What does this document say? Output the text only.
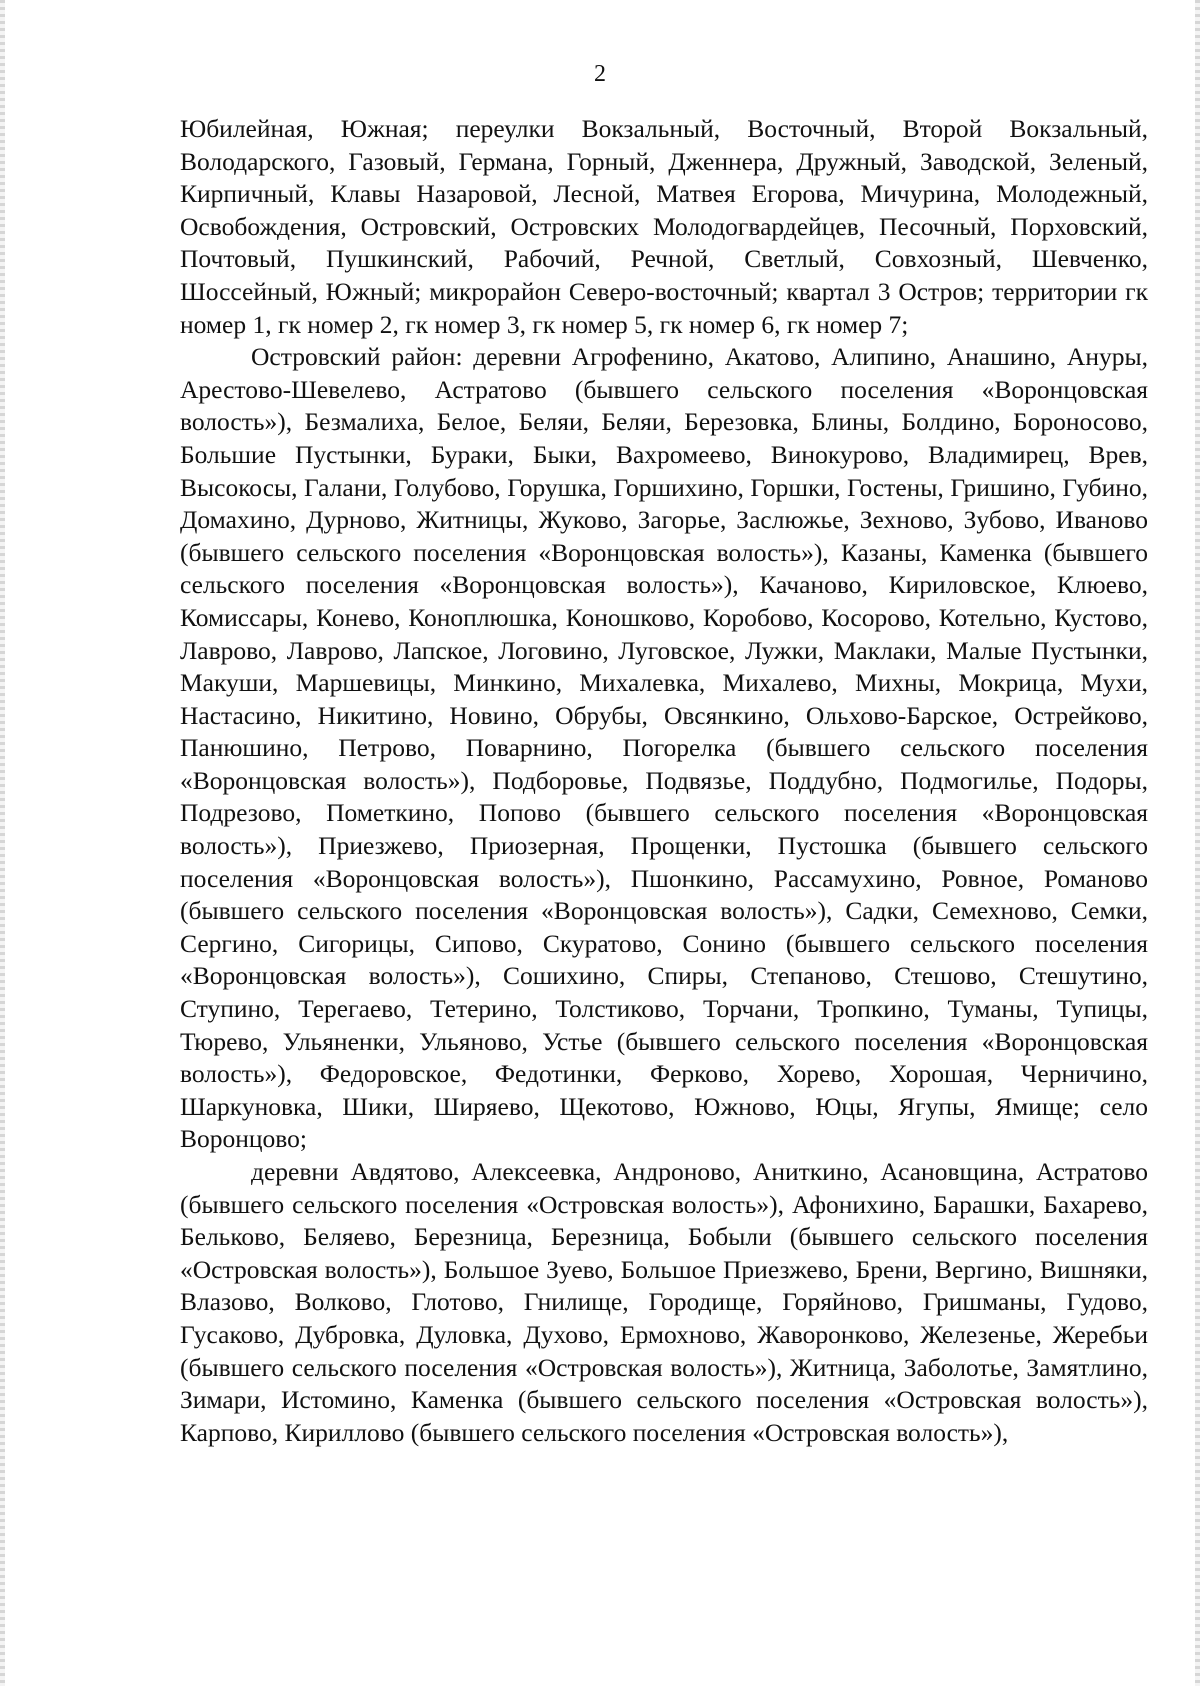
2

Юбилейная, Южная; переулки Вокзальный, Восточный, Второй Вокзальный, Володарского, Газовый, Германа, Горный, Дженнера, Дружный, Заводской, Зеленый, Кирпичный, Клавы Назаровой, Лесной, Матвея Егорова, Мичурина, Молодежный, Освобождения, Островский, Островских Молодогвардейцев, Песочный, Порховский, Почтовый, Пушкинский, Рабочий, Речной, Светлый, Совхозный, Шевченко, Шоссейный, Южный; микрорайон Северо-восточный; квартал 3 Остров; территории гк номер 1, гк номер 2, гк номер 3, гк номер 5, гк номер 6, гк номер 7;

Островский район: деревни Агрофенино, Акатово, Алипино, Анашино, Ануры, Арестово-Шевелево, Астратово (бывшего сельского поселения «Воронцовская волость»), Безмалиха, Белое, Беляи, Беляи, Березовка, Блины, Болдино, Бороносово, Большие Пустынки, Бураки, Быки, Вахромеево, Винокурово, Владимирец, Врев, Высокосы, Галани, Голубово, Горушка, Горшихино, Горшки, Гостены, Гришино, Губино, Домахино, Дурново, Житницы, Жуково, Загорье, Заслюжье, Зехново, Зубово, Иваново (бывшего сельского поселения «Воронцовская волость»), Казаны, Каменка (бывшего сельского поселения «Воронцовская волость»), Качаново, Кириловское, Клюево, Комиссары, Конево, Коноплюшка, Коношково, Коробово, Косорово, Котельно, Кустово, Лаврово, Лаврово, Лапское, Логовино, Луговское, Лужки, Маклаки, Малые Пустынки, Макуши, Маршевицы, Минкино, Михалевка, Михалево, Михны, Мокрица, Мухи, Настасино, Никитино, Новино, Обрубы, Овсянкино, Ольхово-Барское, Острейково, Панюшино, Петрово, Поварнино, Погорелка (бывшего сельского поселения «Воронцовская волость»), Подборовье, Подвязье, Поддубно, Подмогилье, Подоры, Подрезово, Пометкино, Попово (бывшего сельского поселения «Воронцовская волость»), Приезжево, Приозерная, Прощенки, Пустошка (бывшего сельского поселения «Воронцовская волость»), Пшонкино, Рассамухино, Ровное, Романово (бывшего сельского поселения «Воронцовская волость»), Садки, Семехново, Семки, Сергино, Сигорицы, Сипово, Скуратово, Сонино (бывшего сельского поселения «Воронцовская волость»), Сошихино, Спиры, Степаново, Стешово, Стешутино, Ступино, Терегаево, Тетерино, Толстиково, Торчани, Тропкино, Туманы, Тупицы, Тюрево, Ульяненки, Ульяново, Устье (бывшего сельского поселения «Воронцовская волость»), Федоровское, Федотинки, Ферково, Хорево, Хорошая, Черничино, Шаркуновка, Шики, Ширяево, Щекотово, Южново, Юцы, Ягупы, Ямище; село Воронцово;

деревни Авдятово, Алексеевка, Андроново, Аниткино, Асановщина, Астратово (бывшего сельского поселения «Островская волость»), Афонихино, Барашки, Бахарево, Бельково, Беляево, Березница, Березница, Бобыли (бывшего сельского поселения «Островская волость»), Большое Зуево, Большое Приезжево, Брени, Вергино, Вишняки, Влазово, Волково, Глотово, Гнилище, Городище, Горяйново, Гришманы, Гудово, Гусаково, Дубровка, Дуловка, Духово, Ермохново, Жаворонково, Железенье, Жеребьи (бывшего сельского поселения «Островская волость»), Житница, Заболотье, Замятлино, Зимари, Истомино, Каменка (бывшего сельского поселения «Островская волость»), Карпово, Кириллово (бывшего сельского поселения «Островская волость»),
